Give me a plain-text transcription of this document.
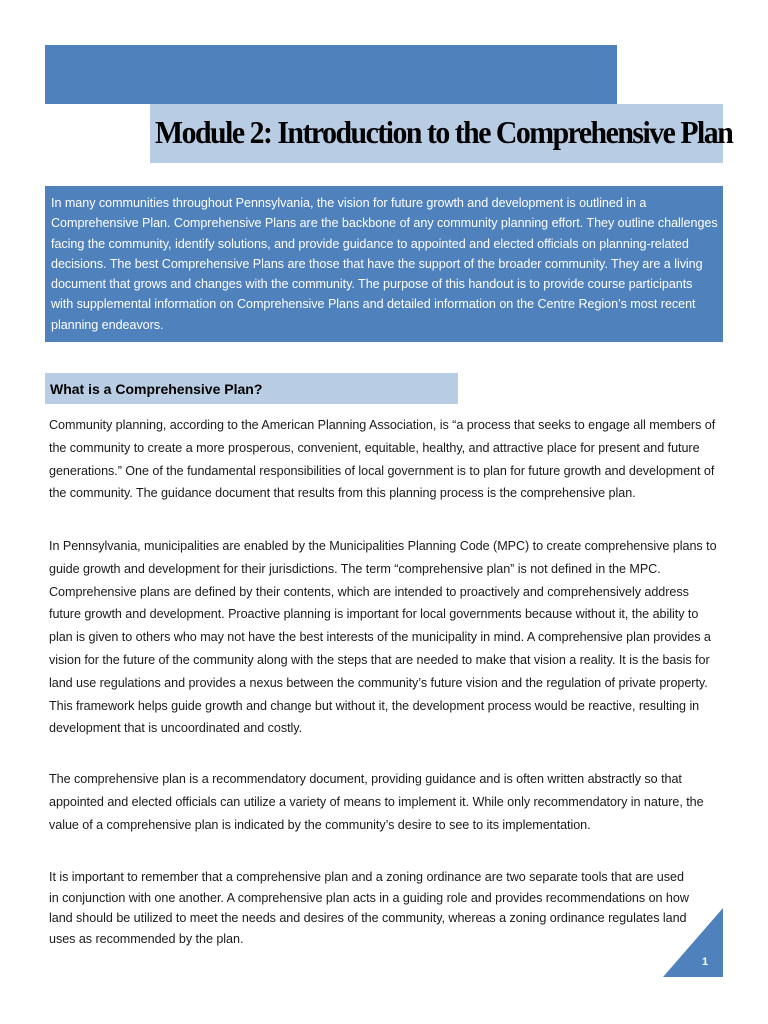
Module 2: Introduction to the Comprehensive Plan

In many communities throughout Pennsylvania, the vision for future growth and development is outlined in a Comprehensive Plan. Comprehensive Plans are the backbone of any community planning effort. They outline challenges facing the community, identify solutions, and provide guidance to appointed and elected officials on planning-related decisions. The best Comprehensive Plans are those that have the support of the broader community. They are a living document that grows and changes with the community. The purpose of this handout is to provide course participants with supplemental information on Comprehensive Plans and detailed information on the Centre Region’s most recent planning endeavors.

What is a Comprehensive Plan?

Community planning, according to the American Planning Association, is “a process that seeks to engage all members of the community to create a more prosperous, convenient, equitable, healthy, and attractive place for present and future generations.” One of the fundamental responsibilities of local government is to plan for future growth and development of the community. The guidance document that results from this planning process is the comprehensive plan.

In Pennsylvania, municipalities are enabled by the Municipalities Planning Code (MPC) to create comprehensive plans to guide growth and development for their jurisdictions. The term “comprehensive plan” is not defined in the MPC. Comprehensive plans are defined by their contents, which are intended to proactively and comprehensively address future growth and development. Proactive planning is important for local governments because without it, the ability to plan is given to others who may not have the best interests of the municipality in mind. A comprehensive plan provides a vision for the future of the community along with the steps that are needed to make that vision a reality. It is the basis for land use regulations and provides a nexus between the community’s future vision and the regulation of private property. This framework helps guide growth and change but without it, the development process would be reactive, resulting in development that is uncoordinated and costly.

The comprehensive plan is a recommendatory document, providing guidance and is often written abstractly so that appointed and elected officials can utilize a variety of means to implement it. While only recommendatory in nature, the value of a comprehensive plan is indicated by the community’s desire to see to its implementation.

It is important to remember that a comprehensive plan and a zoning ordinance are two separate tools that are used in conjunction with one another. A comprehensive plan acts in a guiding role and provides recommendations on how land should be utilized to meet the needs and desires of the community, whereas a zoning ordinance regulates land uses as recommended by the plan.

1
